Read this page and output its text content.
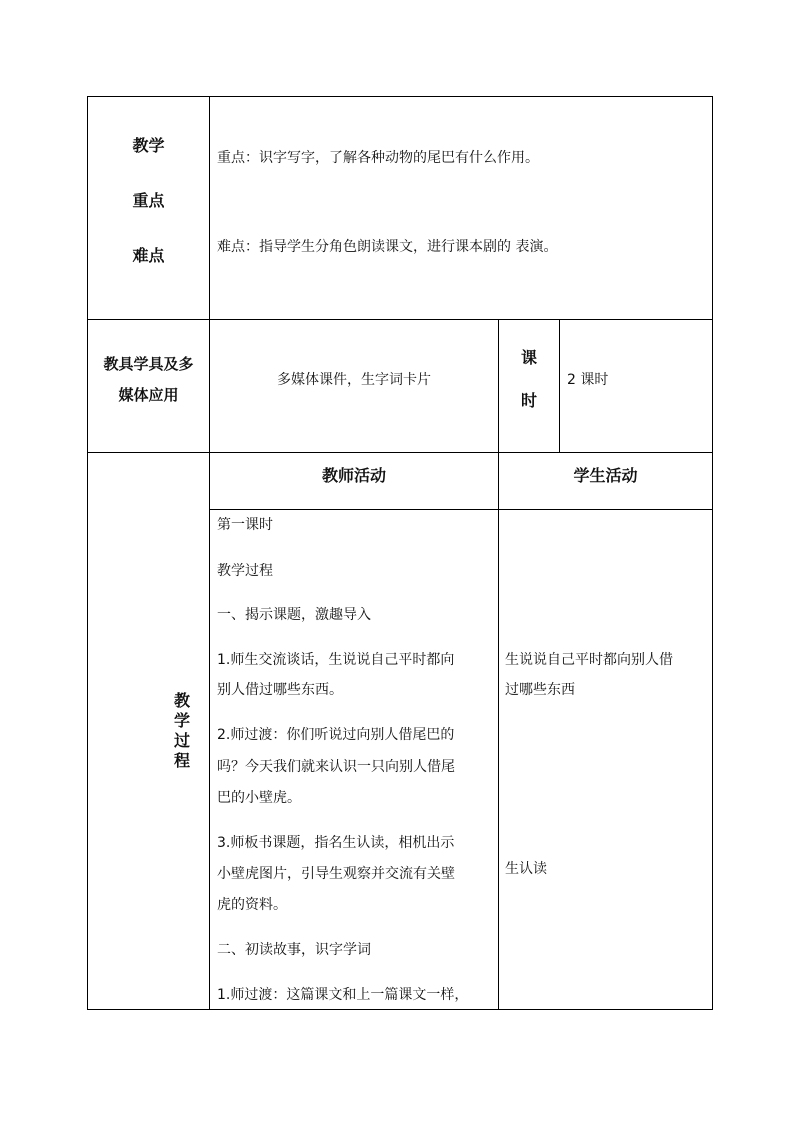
教学
重点
难点
重点：识字写字，了解各种动物的尾巴有什么作用。
难点：指导学生分角色朗读课文，进行课本剧的 表演。
教具学具及多
媒体应用
多媒体课件，生字词卡片
课
时
2 课时
教
学
过
程
教师活动	学生活动
第一课时
教学过程
一、揭示课题，激趣导入
1.师生交流谈话，生说说自己平时都向
别人借过哪些东西。
2.师过渡：你们听说过向别人借尾巴的
吗？今天我们就来认识一只向别人借尾
巴的小壁虎。
3.师板书课题，指名生认读，相机出示
小壁虎图片，引导生观察并交流有关壁
虎的资料。
二、初读故事，识字学词
1.师过渡：这篇课文和上一篇课文一样，
生说说自己平时都向别人借
过哪些东西
生认读
